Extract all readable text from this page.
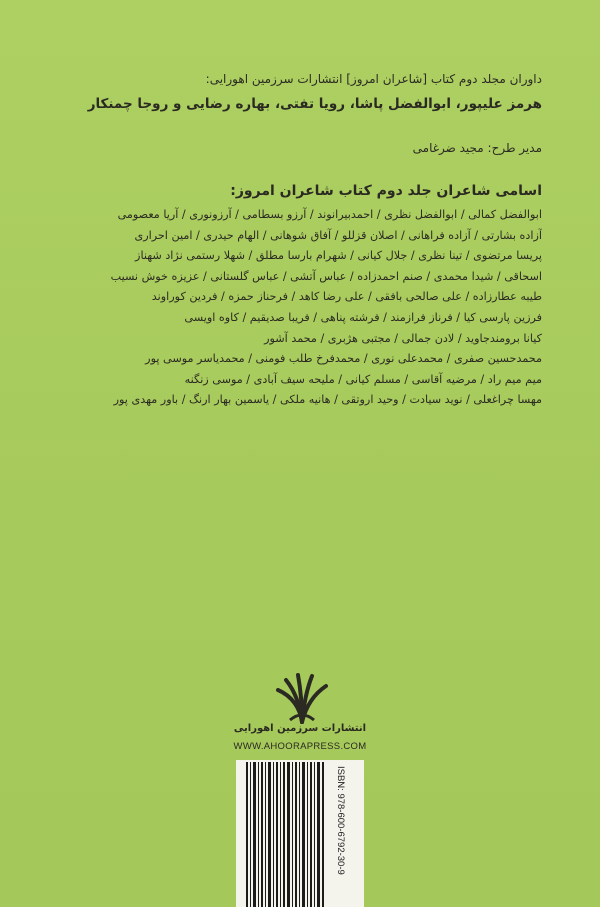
داوران مجلد دوم کتاب [شاعران امروز] انتشارات سرزمین اهورایی:
هرمز علیپور، ابوالفضل پاشا، رویا تفتی، بهاره رضایی و روجا چمنکار
مدیر طرح: مجید ضرغامی
اسامی شاعران جلد دوم کتاب شاعران امروز:
ابوالفضل کمالی / ابوالفضل نظری / احمدبیرانوند / آرزو بسطامی / آرزونوری / آریا معصومی
آزاده بشارتی / آزاده فراهانی / اصلان قزللو / آفاق شوهانی / الهام حیدری / امین احراری
پریسا مرتضوی / تینا نظری / جلال کیانی / شهرام بارسا مطلق / شهلا رستمی نژاد شهناز
اسحاقی / شیدا محمدی / صنم احمدزاده / عباس آتشی / عباس گلستانی / عزیزه خوش نسیب
طیبه عطارزاده / علی صالحی بافقی / علی رضا کاهد / فرحناز حمزه / فردین کوراوند
فرزین پارسی کیا / فرناز فرازمند / فرشته پناهی / فریبا صدیقیم / کاوه اویسی
کیانا برومندجاوید / لادن جمالی / مجتبی هژبری / محمد آشور
محمدحسین صفری / محمدعلی نوری / محمدفرخ طلب فومنی / محمدیاسر موسی پور
میم میم راد / مرضیه آقاسی / مسلم کیانی / ملیحه سیف آبادی / موسی زنگنه
مهسا چراغعلی / نوید سیادت / وحید اروتقی / هانیه ملکی / یاسمین بهار ارنگ / باور مهدی پور
انتشارات سرزمین اهورایی
WWW.AHOORAPRESS.COM
ISBN: 978-600-6792-30-9
